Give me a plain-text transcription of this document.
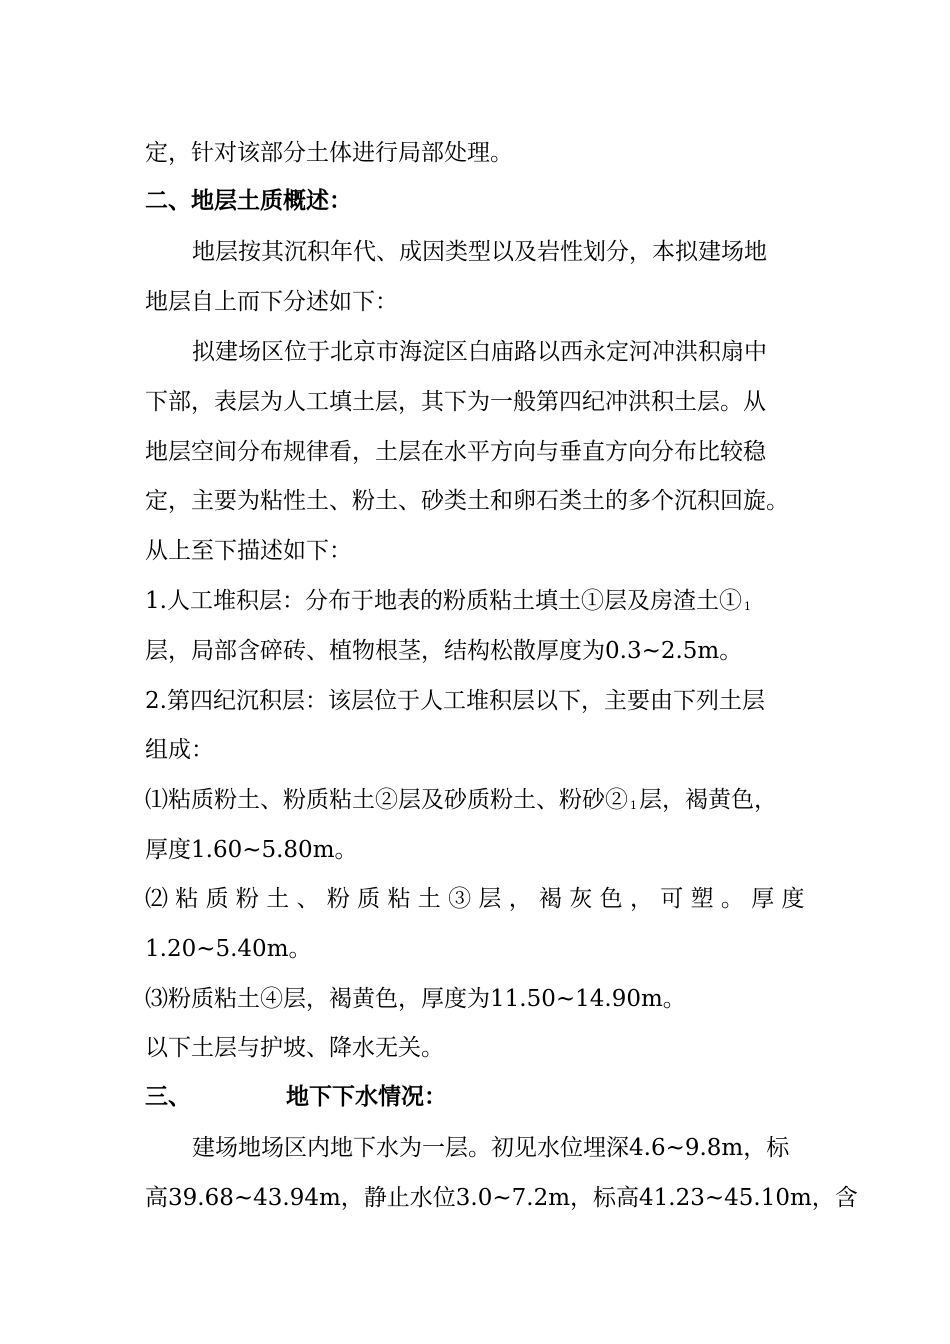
定，针对该部分土体进行局部处理。
二、地层土质概述：
地层按其沉积年代、成因类型以及岩性划分，本拟建场地
地层自上而下分述如下：
拟建场区位于北京市海淀区白庙路以西永定河冲洪积扇中
下部，表层为人工填土层，其下为一般第四纪冲洪积土层。从
地层空间分布规律看，土层在水平方向与垂直方向分布比较稳
定，主要为粘性土、粉土、砂类土和卵石类土的多个沉积回旋。
从上至下描述如下：
1.人工堆积层：分布于地表的粉质粘土填土①层及房渣土① 1
层，局部含碎砖、植物根茎，结构松散厚度为0.3~2.5m。
2.第四纪沉积层：该层位于人工堆积层以下，主要由下列土层
组成：
⑴粘质粉土、粉质粘土②层及砂质粉土、粉砂② 1层，褐黄色，
厚度1.60~5.80m。
⑵ 粘 质 粉 土 、 粉 质 粘 土 ③ 层 ， 褐 灰 色 ， 可 塑 。 厚 度
1.20~5.40m。
⑶粉质粘土④层，褐黄色，厚度为11.50~14.90m。
以下土层与护坡、降水无关。
三、	地下下水情况：
建场地场区内地下水为一层。初见水位埋深4.6~9.8m，标
高39.68~43.94m，静止水位3.0~7.2m，标高41.23~45.10m，含
